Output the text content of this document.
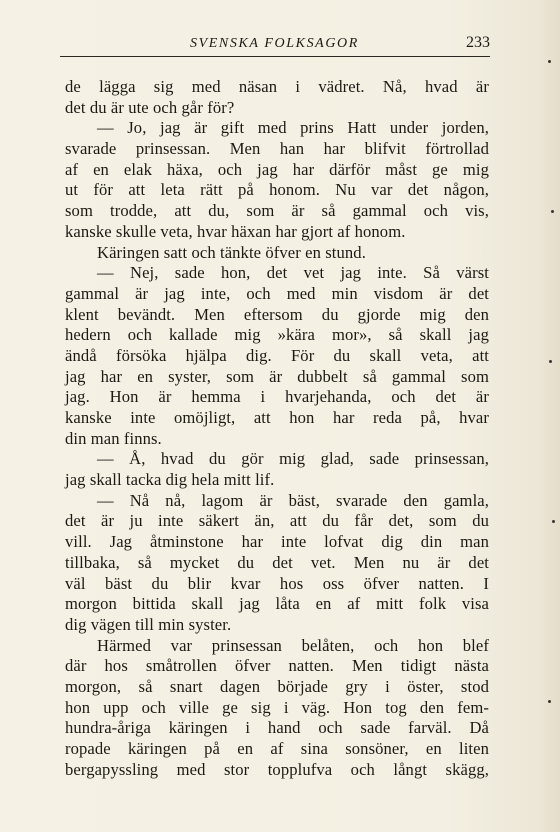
SVENSKA FOLKSAGOR	233
de lägga sig med näsan i vädret. Nå, hvad är
det du är ute och går för?
— Jo, jag är gift med prins Hatt under jorden,
svarade prinsessan. Men han har blifvit förtrollad
af en elak häxa, och jag har därför måst ge mig
ut för att leta rätt på honom. Nu var det någon,
som trodde, att du, som är så gammal och vis,
kanske skulle veta, hvar häxan har gjort af honom.
Käringen satt och tänkte öfver en stund.
— Nej, sade hon, det vet jag inte. Så värst
gammal är jag inte, och med min visdom är det
klent bevändt. Men eftersom du gjorde mig den
hedern och kallade mig »kära mor», så skall jag
ändå försöka hjälpa dig. För du skall veta, att
jag har en syster, som är dubbelt så gammal som
jag. Hon är hemma i hvarjehanda, och det är
kanske inte omöjligt, att hon har reda på, hvar
din man finns.
— Å, hvad du gör mig glad, sade prinsessan,
jag skall tacka dig hela mitt lif.
— Nå nå, lagom är bäst, svarade den gamla,
det är ju inte säkert än, att du får det, som du
vill. Jag åtminstone har inte lofvat dig din man
tillbaka, så mycket du det vet. Men nu är det
väl bäst du blir kvar hos oss öfver natten. I
morgon bittida skall jag låta en af mitt folk visa
dig vägen till min syster.
Härmed var prinsessan belåten, och hon blef
där hos småtrollen öfver natten. Men tidigt nästa
morgon, så snart dagen började gry i öster, stod
hon upp och ville ge sig i väg. Hon tog den fem-
hundra-åriga käringen i hand och sade farväl. Då
ropade käringen på en af sina sonsöner, en liten
bergapyssling med stor topplufva och långt skägg,
